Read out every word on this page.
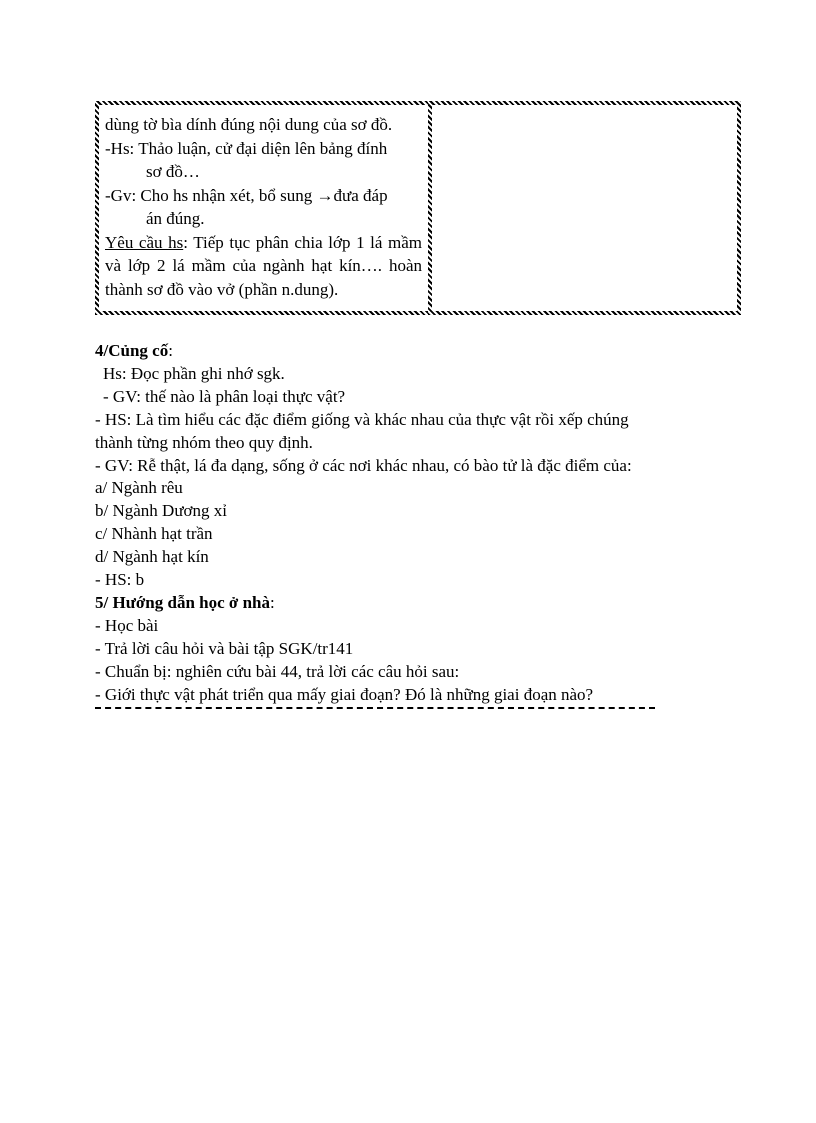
dùng tờ bìa dính đúng nội dung của sơ đồ.

-Hs: Thảo luận, cử đại diện lên bảng đính

sơ đồ…

-Gv: Cho hs nhận xét, bổ sung →đưa đáp

án đúng.

Yêu cầu hs: Tiếp tục phân chia lớp 1 lá mầm và lớp 2 lá mầm của ngành hạt kín…. hoàn thành sơ đồ vào vở (phần n.dung).

4/Củng cố:

Hs: Đọc phần ghi nhớ sgk.

- GV: thế nào là phân loại thực vật?

- HS: Là tìm hiểu các đặc điểm giống và khác nhau của thực vật rồi xếp chúng

thành từng nhóm theo quy định.

- GV: Rễ thật, lá đa dạng, sống ở các nơi khác nhau, có bào tử là đặc điểm của:

a/ Ngành rêu

b/ Ngành Dương xỉ

c/ Nhành hạt trần

d/ Ngành hạt kín

- HS: b

5/ Hướng dẫn học ở nhà:

- Học bài

- Trả lời câu hỏi và bài tập SGK/tr141

- Chuẩn bị: nghiên cứu bài 44, trả lời các câu hỏi sau:

- Giới thực vật phát triển qua mấy giai đoạn? Đó là những giai đoạn nào?
